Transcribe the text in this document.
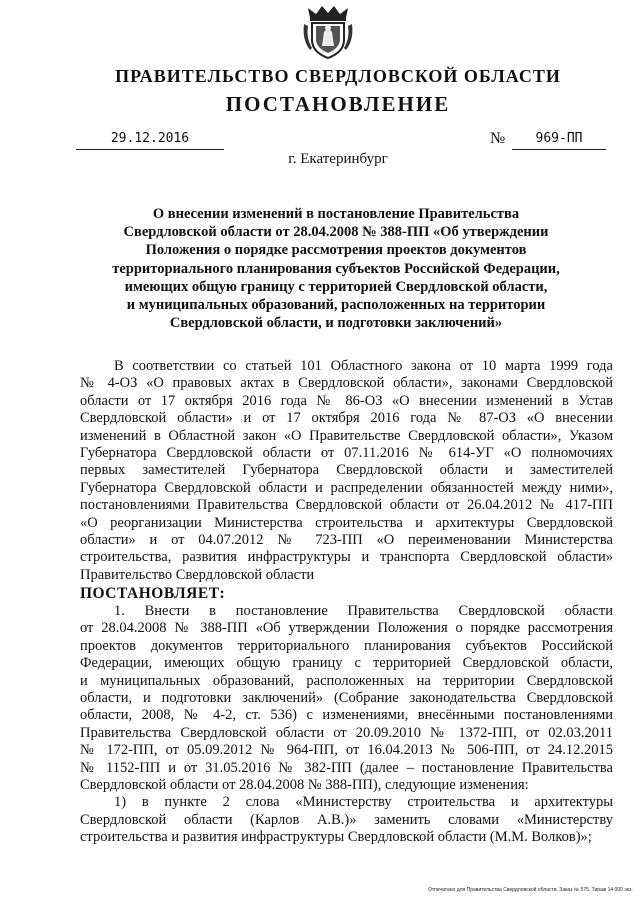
ПРАВИТЕЛЬСТВО СВЕРДЛОВСКОЙ ОБЛАСТИ
ПОСТАНОВЛЕНИЕ
29.12.2016	№	969-ПП
г. Екатеринбург
О внесении изменений в постановление Правительства
Свердловской области от 28.04.2008 № 388-ПП «Об утверждении
Положения о порядке рассмотрения проектов документов
территориального планирования субъектов Российской Федерации,
имеющих общую границу с территорией Свердловской области,
и муниципальных образований, расположенных на территории
Свердловской области, и подготовки заключений»
В соответствии со статьей 101 Областного закона от 10 марта 1999 года
№ 4-ОЗ «О правовых актах в Свердловской области», законами Свердловской
области от 17 октября 2016 года № 86-ОЗ «О внесении изменений в Устав
Свердловской области» и от 17 октября 2016 года № 87-ОЗ «О внесении
изменений в Областной закон «О Правительстве Свердловской области», Указом
Губернатора Свердловской области от 07.11.2016 № 614-УГ «О полномочиях
первых заместителей Губернатора Свердловской области и заместителей
Губернатора Свердловской области и распределении обязанностей между ними»,
постановлениями Правительства Свердловской области от 26.04.2012 № 417-ПП
«О реорганизации Министерства строительства и архитектуры Свердловской
области» и от 04.07.2012 № 723-ПП «О переименовании Министерства
строительства, развития инфраструктуры и транспорта Свердловской области»
Правительство Свердловской области
ПОСТАНОВЛЯЕТ:
1. Внести в постановление Правительства Свердловской области
от 28.04.2008 № 388-ПП «Об утверждении Положения о порядке рассмотрения
проектов документов территориального планирования субъектов Российской
Федерации, имеющих общую границу с территорией Свердловской области,
и муниципальных образований, расположенных на территории Свердловской
области, и подготовки заключений» (Собрание законодательства Свердловской
области, 2008, № 4-2, ст. 536) с изменениями, внесёнными постановлениями
Правительства Свердловской области от 20.09.2010 № 1372-ПП, от 02.03.2011
№ 172-ПП, от 05.09.2012 № 964-ПП, от 16.04.2013 № 506-ПП, от 24.12.2015
№ 1152-ПП и от 31.05.2016 № 382-ПП (далее – постановление Правительства
Свердловской области от 28.04.2008 № 388-ПП), следующие изменения:
1) в пункте 2 слова «Министерству строительства и архитектуры
Свердловской области (Карлов А.В.)» заменить словами «Министерству
строительства и развития инфраструктуры Свердловской области (М.М. Волков)»;
Отпечатано для Правительства Свердловской области. Заказ № 575. Тираж 14 000 экз.
